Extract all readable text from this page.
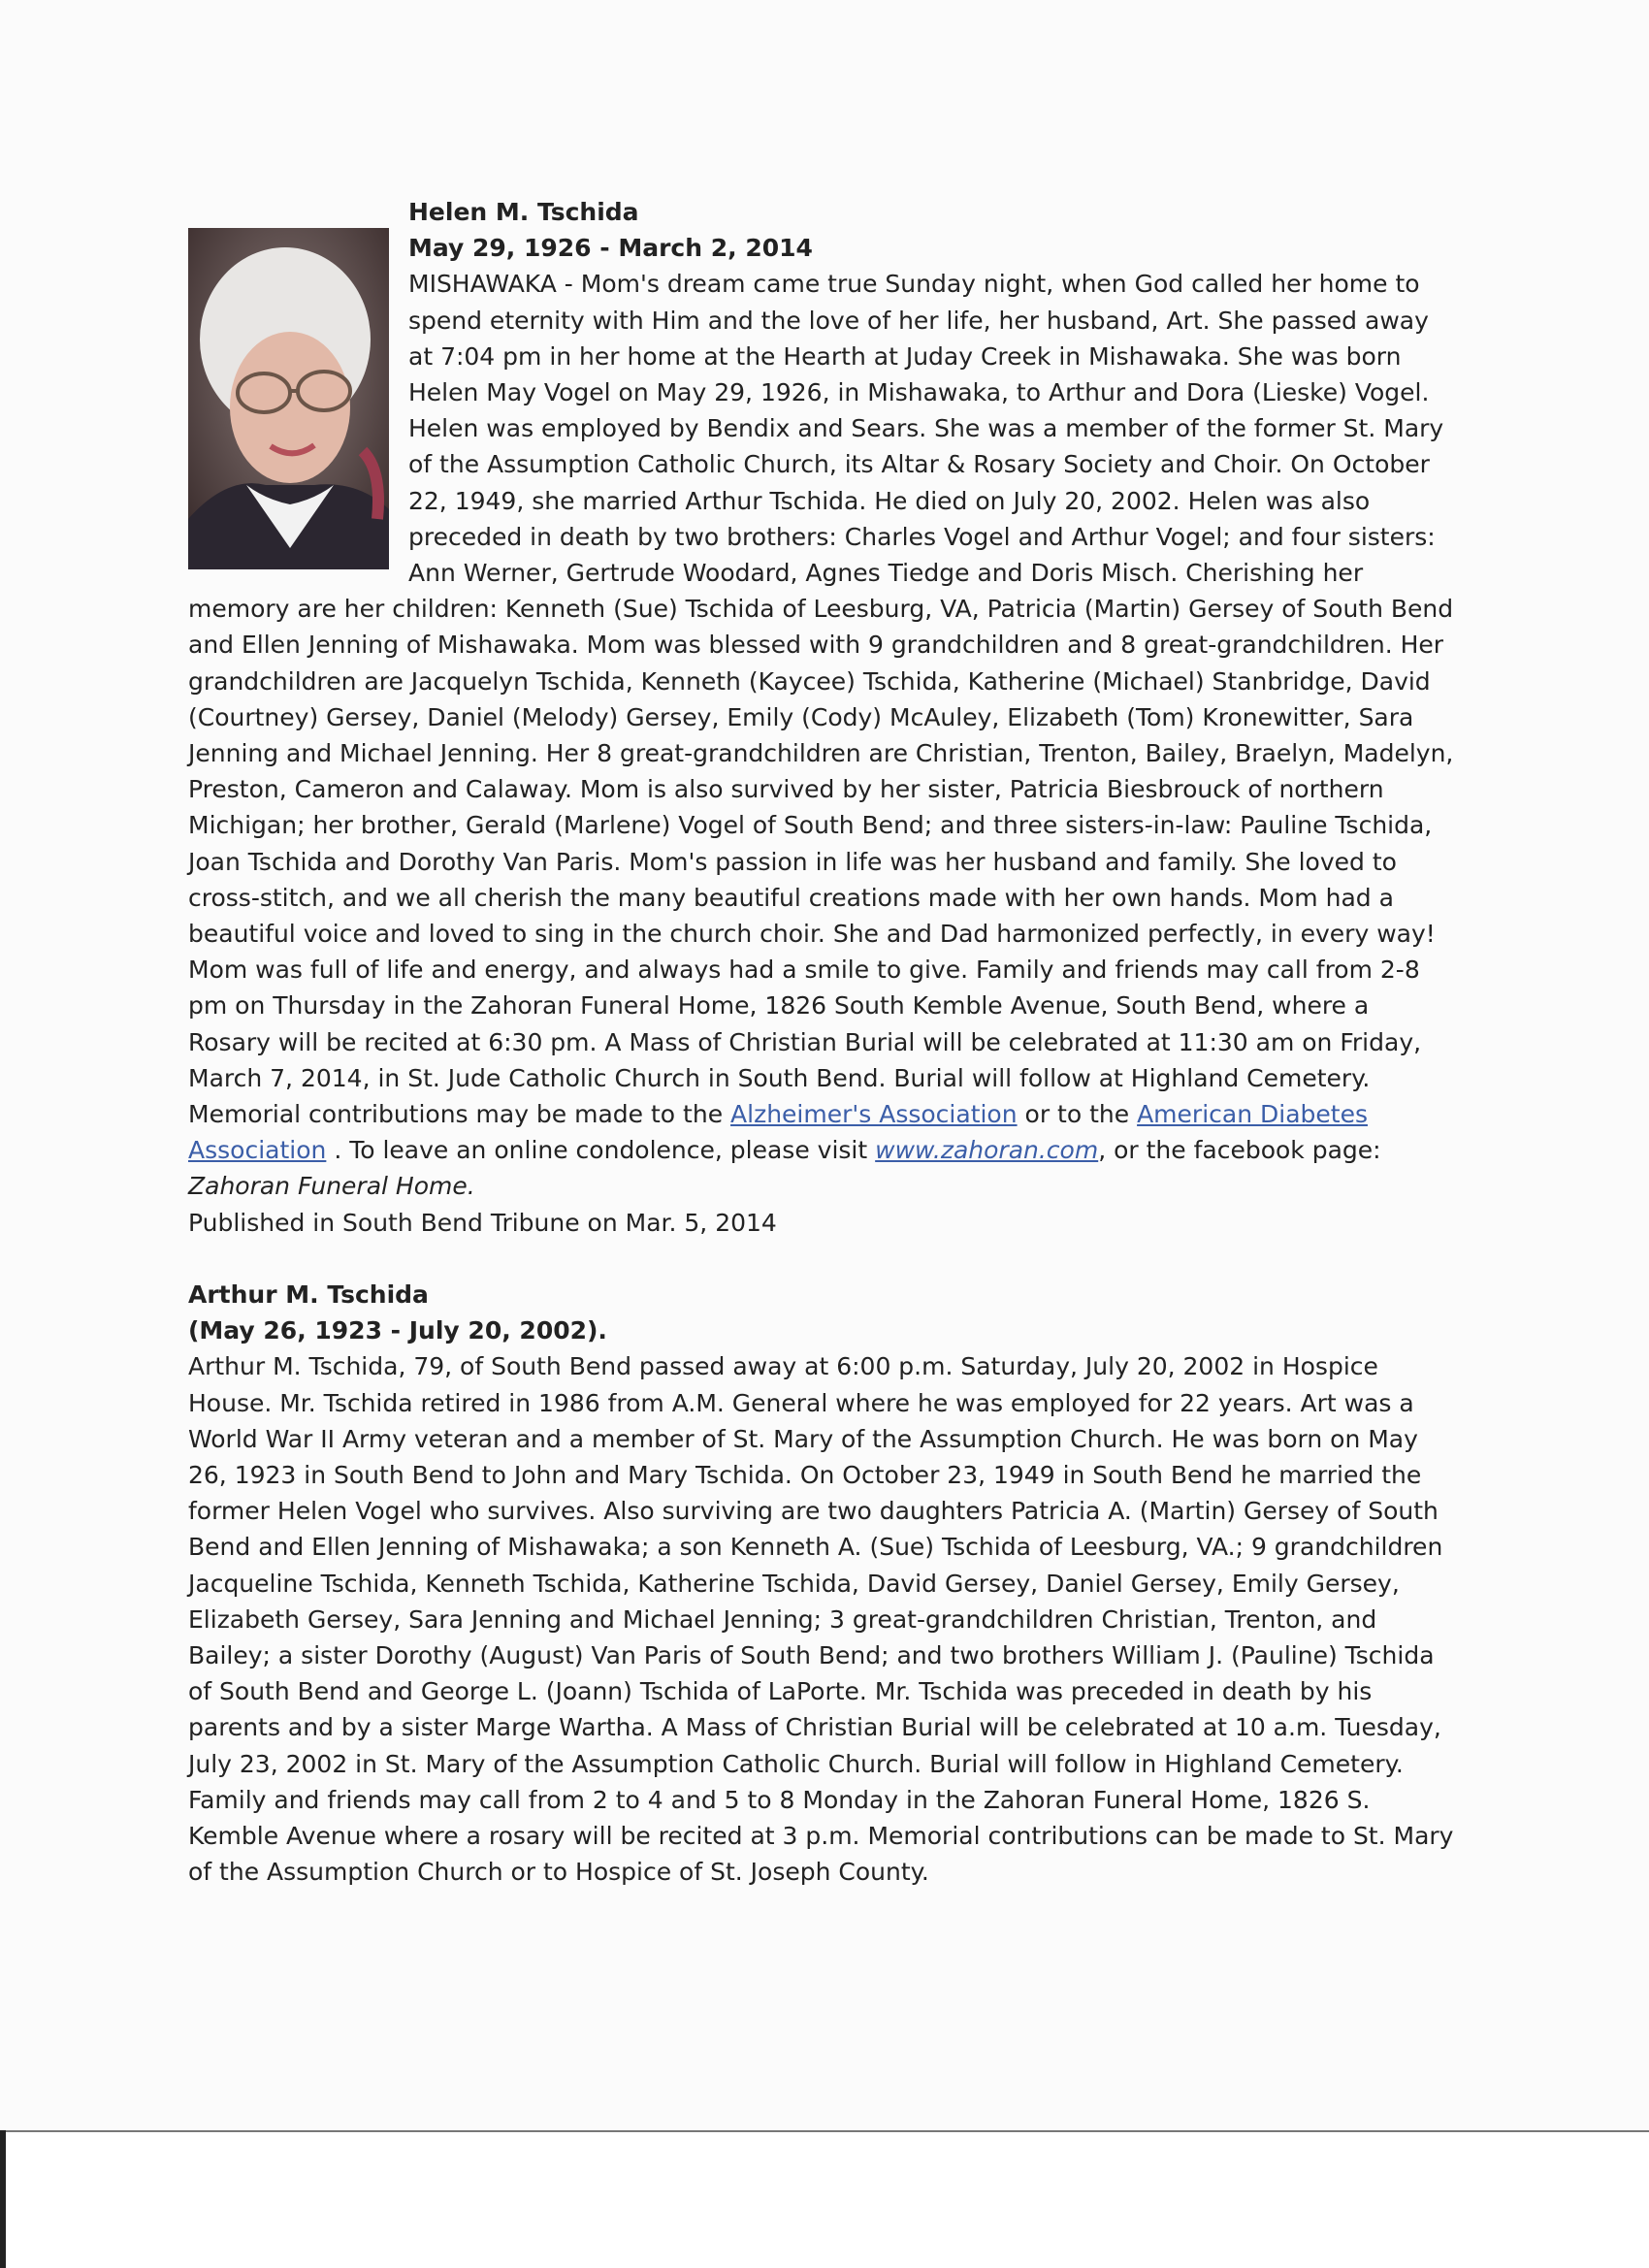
Helen M. Tschida

May 29, 1926 - March 2, 2014

MISHAWAKA - Mom's dream came true Sunday night, when God called her home to spend eternity with Him and the love of her life, her husband, Art. She passed away at 7:04 pm in her home at the Hearth at Juday Creek in Mishawaka. She was born Helen May Vogel on May 29, 1926, in Mishawaka, to Arthur and Dora (Lieske) Vogel. Helen was employed by Bendix and Sears. She was a member of the former St. Mary of the Assumption Catholic Church, its Altar & Rosary Society and Choir. On October 22, 1949, she married Arthur Tschida. He died on July 20, 2002. Helen was also preceded in death by two brothers: Charles Vogel and Arthur Vogel; and four sisters: Ann Werner, Gertrude Woodard, Agnes Tiedge and Doris Misch. Cherishing her memory are her children: Kenneth (Sue) Tschida of Leesburg, VA, Patricia (Martin) Gersey of South Bend and Ellen Jenning of Mishawaka. Mom was blessed with 9 grandchildren and 8 great-grandchildren. Her grandchildren are Jacquelyn Tschida, Kenneth (Kaycee) Tschida, Katherine (Michael) Stanbridge, David (Courtney) Gersey, Daniel (Melody) Gersey, Emily (Cody) McAuley, Elizabeth (Tom) Kronewitter, Sara Jenning and Michael Jenning. Her 8 great-grandchildren are Christian, Trenton, Bailey, Braelyn, Madelyn, Preston, Cameron and Calaway. Mom is also survived by her sister, Patricia Biesbrouck of northern Michigan; her brother, Gerald (Marlene) Vogel of South Bend; and three sisters-in-law: Pauline Tschida, Joan Tschida and Dorothy Van Paris. Mom's passion in life was her husband and family. She loved to cross-stitch, and we all cherish the many beautiful creations made with her own hands. Mom had a beautiful voice and loved to sing in the church choir. She and Dad harmonized perfectly, in every way! Mom was full of life and energy, and always had a smile to give. Family and friends may call from 2-8 pm on Thursday in the Zahoran Funeral Home, 1826 South Kemble Avenue, South Bend, where a Rosary will be recited at 6:30 pm. A Mass of Christian Burial will be celebrated at 11:30 am on Friday, March 7, 2014, in St. Jude Catholic Church in South Bend. Burial will follow at Highland Cemetery. Memorial contributions may be made to the Alzheimer's Association or to the American Diabetes Association . To leave an online condolence, please visit www.zahoran.com, or the facebook page: Zahoran Funeral Home.

Published in South Bend Tribune on Mar. 5, 2014

Arthur M. Tschida

(May 26, 1923 - July 20, 2002).

Arthur M. Tschida, 79, of South Bend passed away at 6:00 p.m. Saturday, July 20, 2002 in Hospice House. Mr. Tschida retired in 1986 from A.M. General where he was employed for 22 years. Art was a World War II Army veteran and a member of St. Mary of the Assumption Church. He was born on May 26, 1923 in South Bend to John and Mary Tschida. On October 23, 1949 in South Bend he married the former Helen Vogel who survives. Also surviving are two daughters Patricia A. (Martin) Gersey of South Bend and Ellen Jenning of Mishawaka; a son Kenneth A. (Sue) Tschida of Leesburg, VA.; 9 grandchildren Jacqueline Tschida, Kenneth Tschida, Katherine Tschida, David Gersey, Daniel Gersey, Emily Gersey, Elizabeth Gersey, Sara Jenning and Michael Jenning; 3 great-grandchildren Christian, Trenton, and Bailey; a sister Dorothy (August) Van Paris of South Bend; and two brothers William J. (Pauline) Tschida of South Bend and George L. (Joann) Tschida of LaPorte. Mr. Tschida was preceded in death by his parents and by a sister Marge Wartha. A Mass of Christian Burial will be celebrated at 10 a.m. Tuesday, July 23, 2002 in St. Mary of the Assumption Catholic Church. Burial will follow in Highland Cemetery. Family and friends may call from 2 to 4 and 5 to 8 Monday in the Zahoran Funeral Home, 1826 S. Kemble Avenue where a rosary will be recited at 3 p.m. Memorial contributions can be made to St. Mary of the Assumption Church or to Hospice of St. Joseph County.
